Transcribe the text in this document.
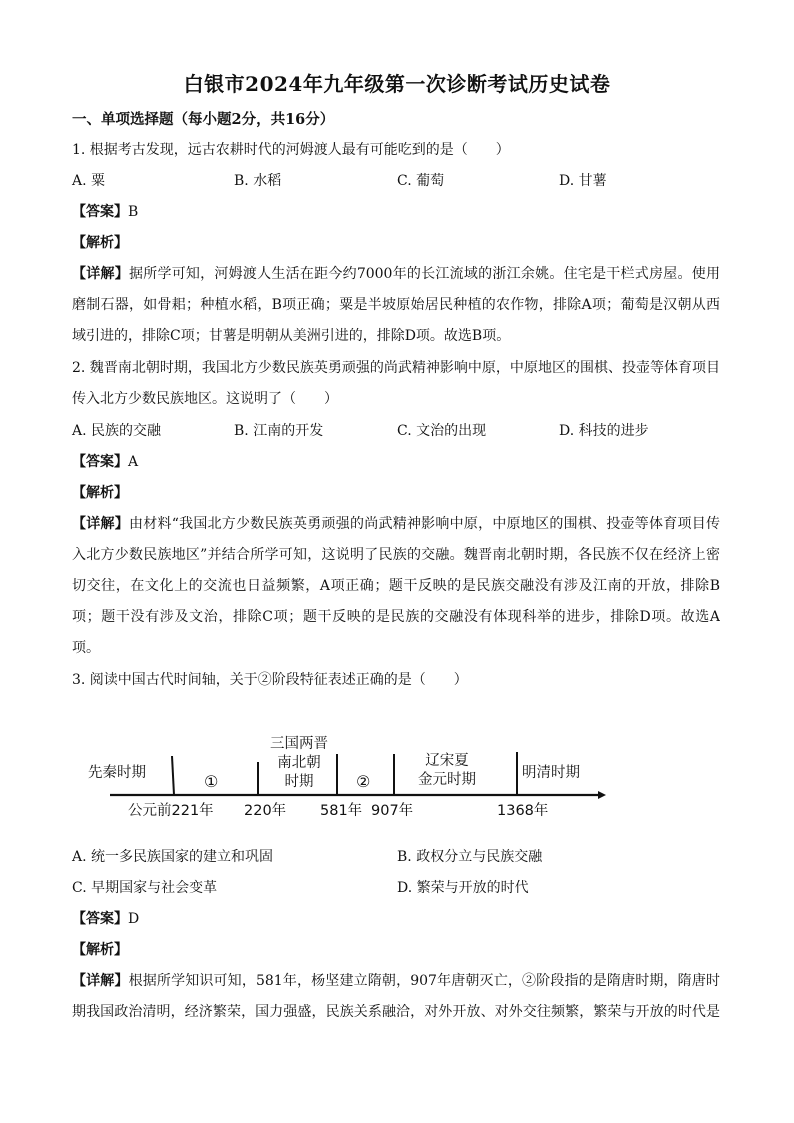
白银市2024年九年级第一次诊断考试历史试卷
一、单项选择题（每小题2分，共16分）
1. 根据考古发现，远古农耕时代的河姆渡人最有可能吃到的是（　　）
A. 粟	B. 水稻	C. 葡萄	D. 甘薯
【答案】B
【解析】
【详解】据所学可知，河姆渡人生活在距今约7000年的长江流域的浙江余姚。住宅是干栏式房屋。使用
磨制石器，如骨耜；种植水稻，B项正确；粟是半坡原始居民种植的农作物，排除A项；葡萄是汉朝从西
域引进的，排除C项；甘薯是明朝从美洲引进的，排除D项。故选B项。
2. 魏晋南北朝时期，我国北方少数民族英勇顽强的尚武精神影响中原，中原地区的围棋、投壶等体育项目
传入北方少数民族地区。这说明了（　　）
A. 民族的交融	B. 江南的开发	C. 文治的出现	D. 科技的进步
【答案】A
【解析】
【详解】由材料“我国北方少数民族英勇顽强的尚武精神影响中原，中原地区的围棋、投壶等体育项目传
入北方少数民族地区”并结合所学可知，这说明了民族的交融。魏晋南北朝时期，各民族不仅在经济上密
切交往，在文化上的交流也日益频繁，A项正确；题干反映的是民族交融没有涉及江南的开放，排除B
项；题干没有涉及文治，排除C项；题干反映的是民族的交融没有体现科举的进步，排除D项。故选A
项。
3. 阅读中国古代时间轴，关于②阶段特征表述正确的是（　　）
先秦时期	①
三国两晋
南北朝
时期	②
辽宋夏
金元时期	明清时期
公元前221年 220年 581年 907年	1368年
A. 统一多民族国家的建立和巩固	B. 政权分立与民族交融
C. 早期国家与社会变革	D. 繁荣与开放的时代
【答案】D
【解析】
【详解】根据所学知识可知，581年，杨坚建立隋朝，907年唐朝灭亡，②阶段指的是隋唐时期，隋唐时
期我国政治清明，经济繁荣，国力强盛，民族关系融洽，对外开放、对外交往频繁，繁荣与开放的时代是
